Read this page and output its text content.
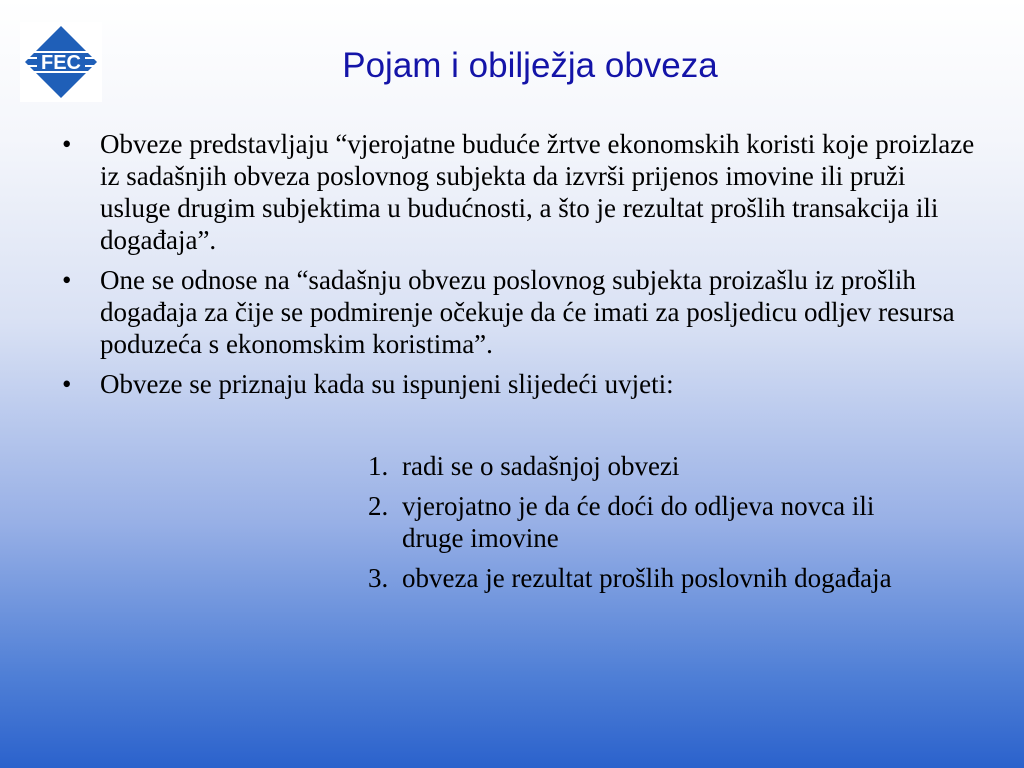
FEC	Pojam i obilježja obveza
• Obveze predstavljaju “vjerojatne buduće žrtve ekonomskih koristi koje proizlaze iz sadašnjih obveza poslovnog subjekta da izvrši prijenos imovine ili pruži usluge drugim subjektima u budućnosti, a što je rezultat prošlih transakcija ili događaja”.
• One se odnose na “sadašnju obvezu poslovnog subjekta proizašlu iz prošlih događaja za čije se podmirenje očekuje da će imati za posljedicu odljev resursa poduzeća s ekonomskim koristima”.
• Obveze se priznaju kada su ispunjeni slijedeći uvjeti:
1. radi se o sadašnjoj obvezi
2. vjerojatno je da će doći do odljeva novca ili druge imovine
3. obveza je rezultat prošlih poslovnih događaja
